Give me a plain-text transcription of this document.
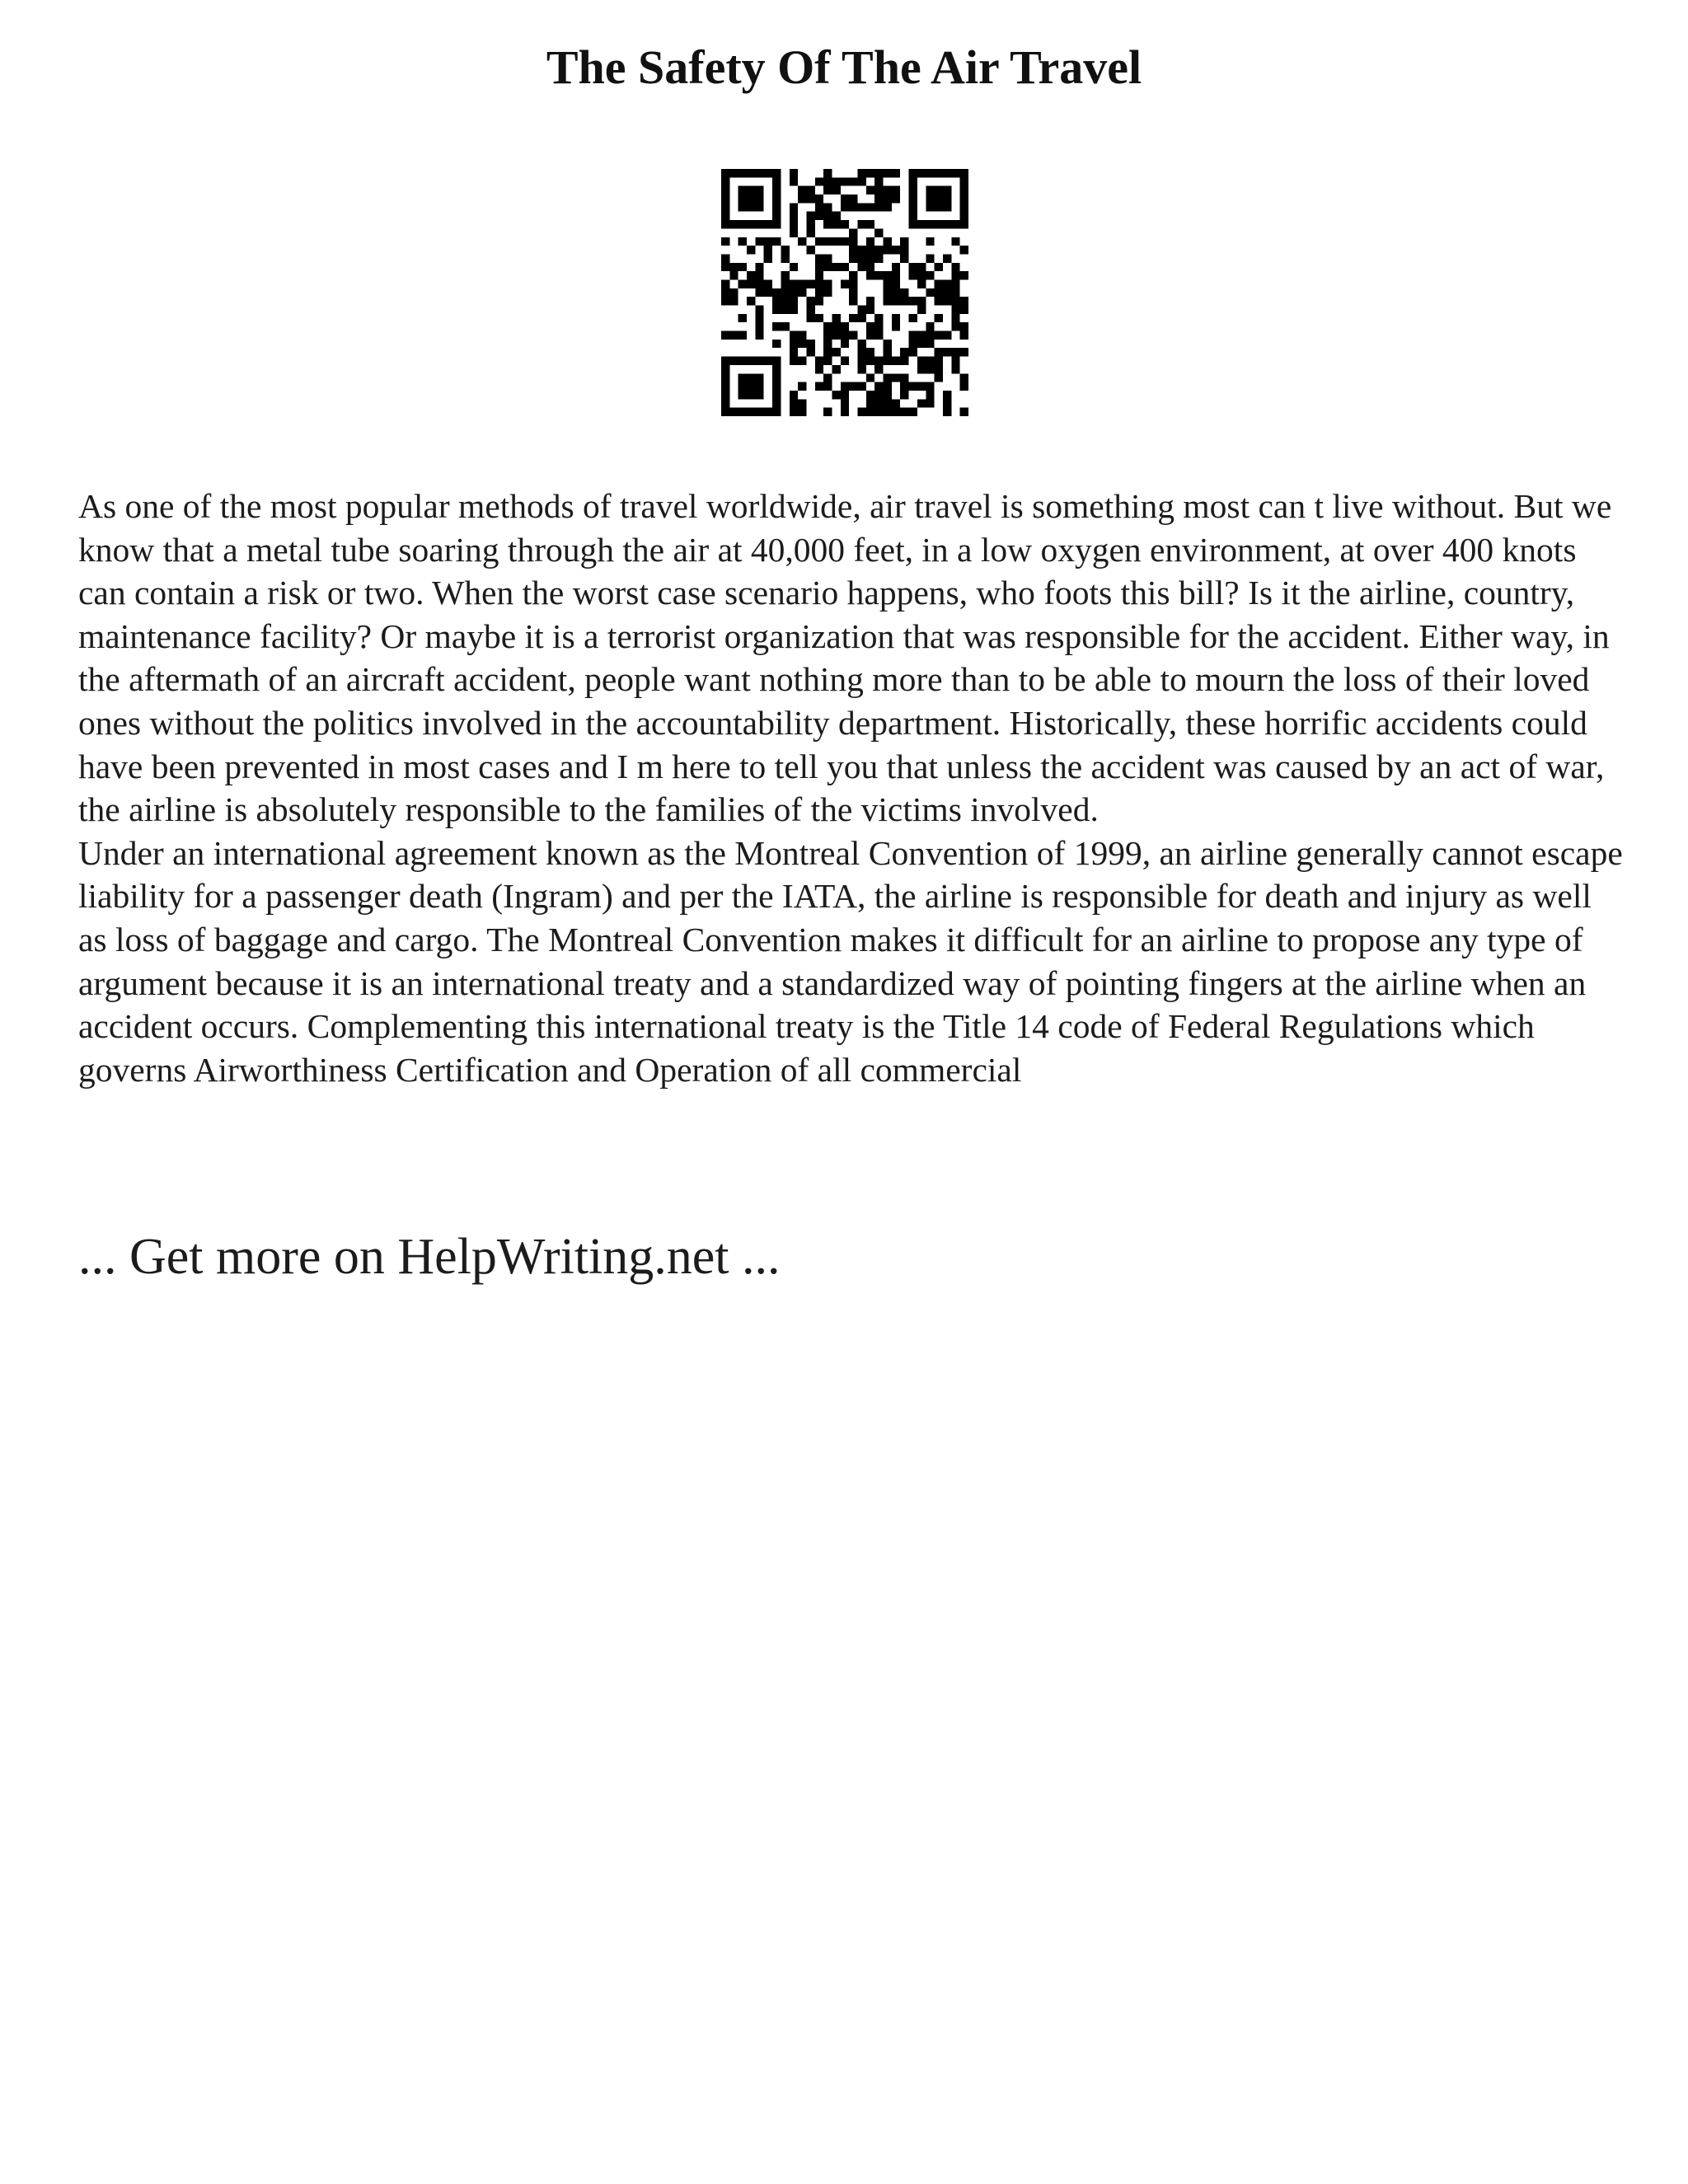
The Safety Of The Air Travel

As one of the most popular methods of travel worldwide, air travel is something most can t live without. But we know that a metal tube soaring through the air at 40,000 feet, in a low oxygen environment, at over 400 knots can contain a risk or two. When the worst case scenario happens, who foots this bill? Is it the airline, country, maintenance facility? Or maybe it is a terrorist organization that was responsible for the accident. Either way, in the aftermath of an aircraft accident, people want nothing more than to be able to mourn the loss of their loved ones without the politics involved in the accountability department. Historically, these horrific accidents could have been prevented in most cases and I m here to tell you that unless the accident was caused by an act of war, the airline is absolutely responsible to the families of the victims involved.

Under an international agreement known as the Montreal Convention of 1999, an airline generally cannot escape liability for a passenger death (Ingram) and per the IATA, the airline is responsible for death and injury as well as loss of baggage and cargo. The Montreal Convention makes it difficult for an airline to propose any type of argument because it is an international treaty and a standardized way of pointing fingers at the airline when an accident occurs. Complementing this international treaty is the Title 14 code of Federal Regulations which governs Airworthiness Certification and Operation of all commercial

... Get more on HelpWriting.net ...
